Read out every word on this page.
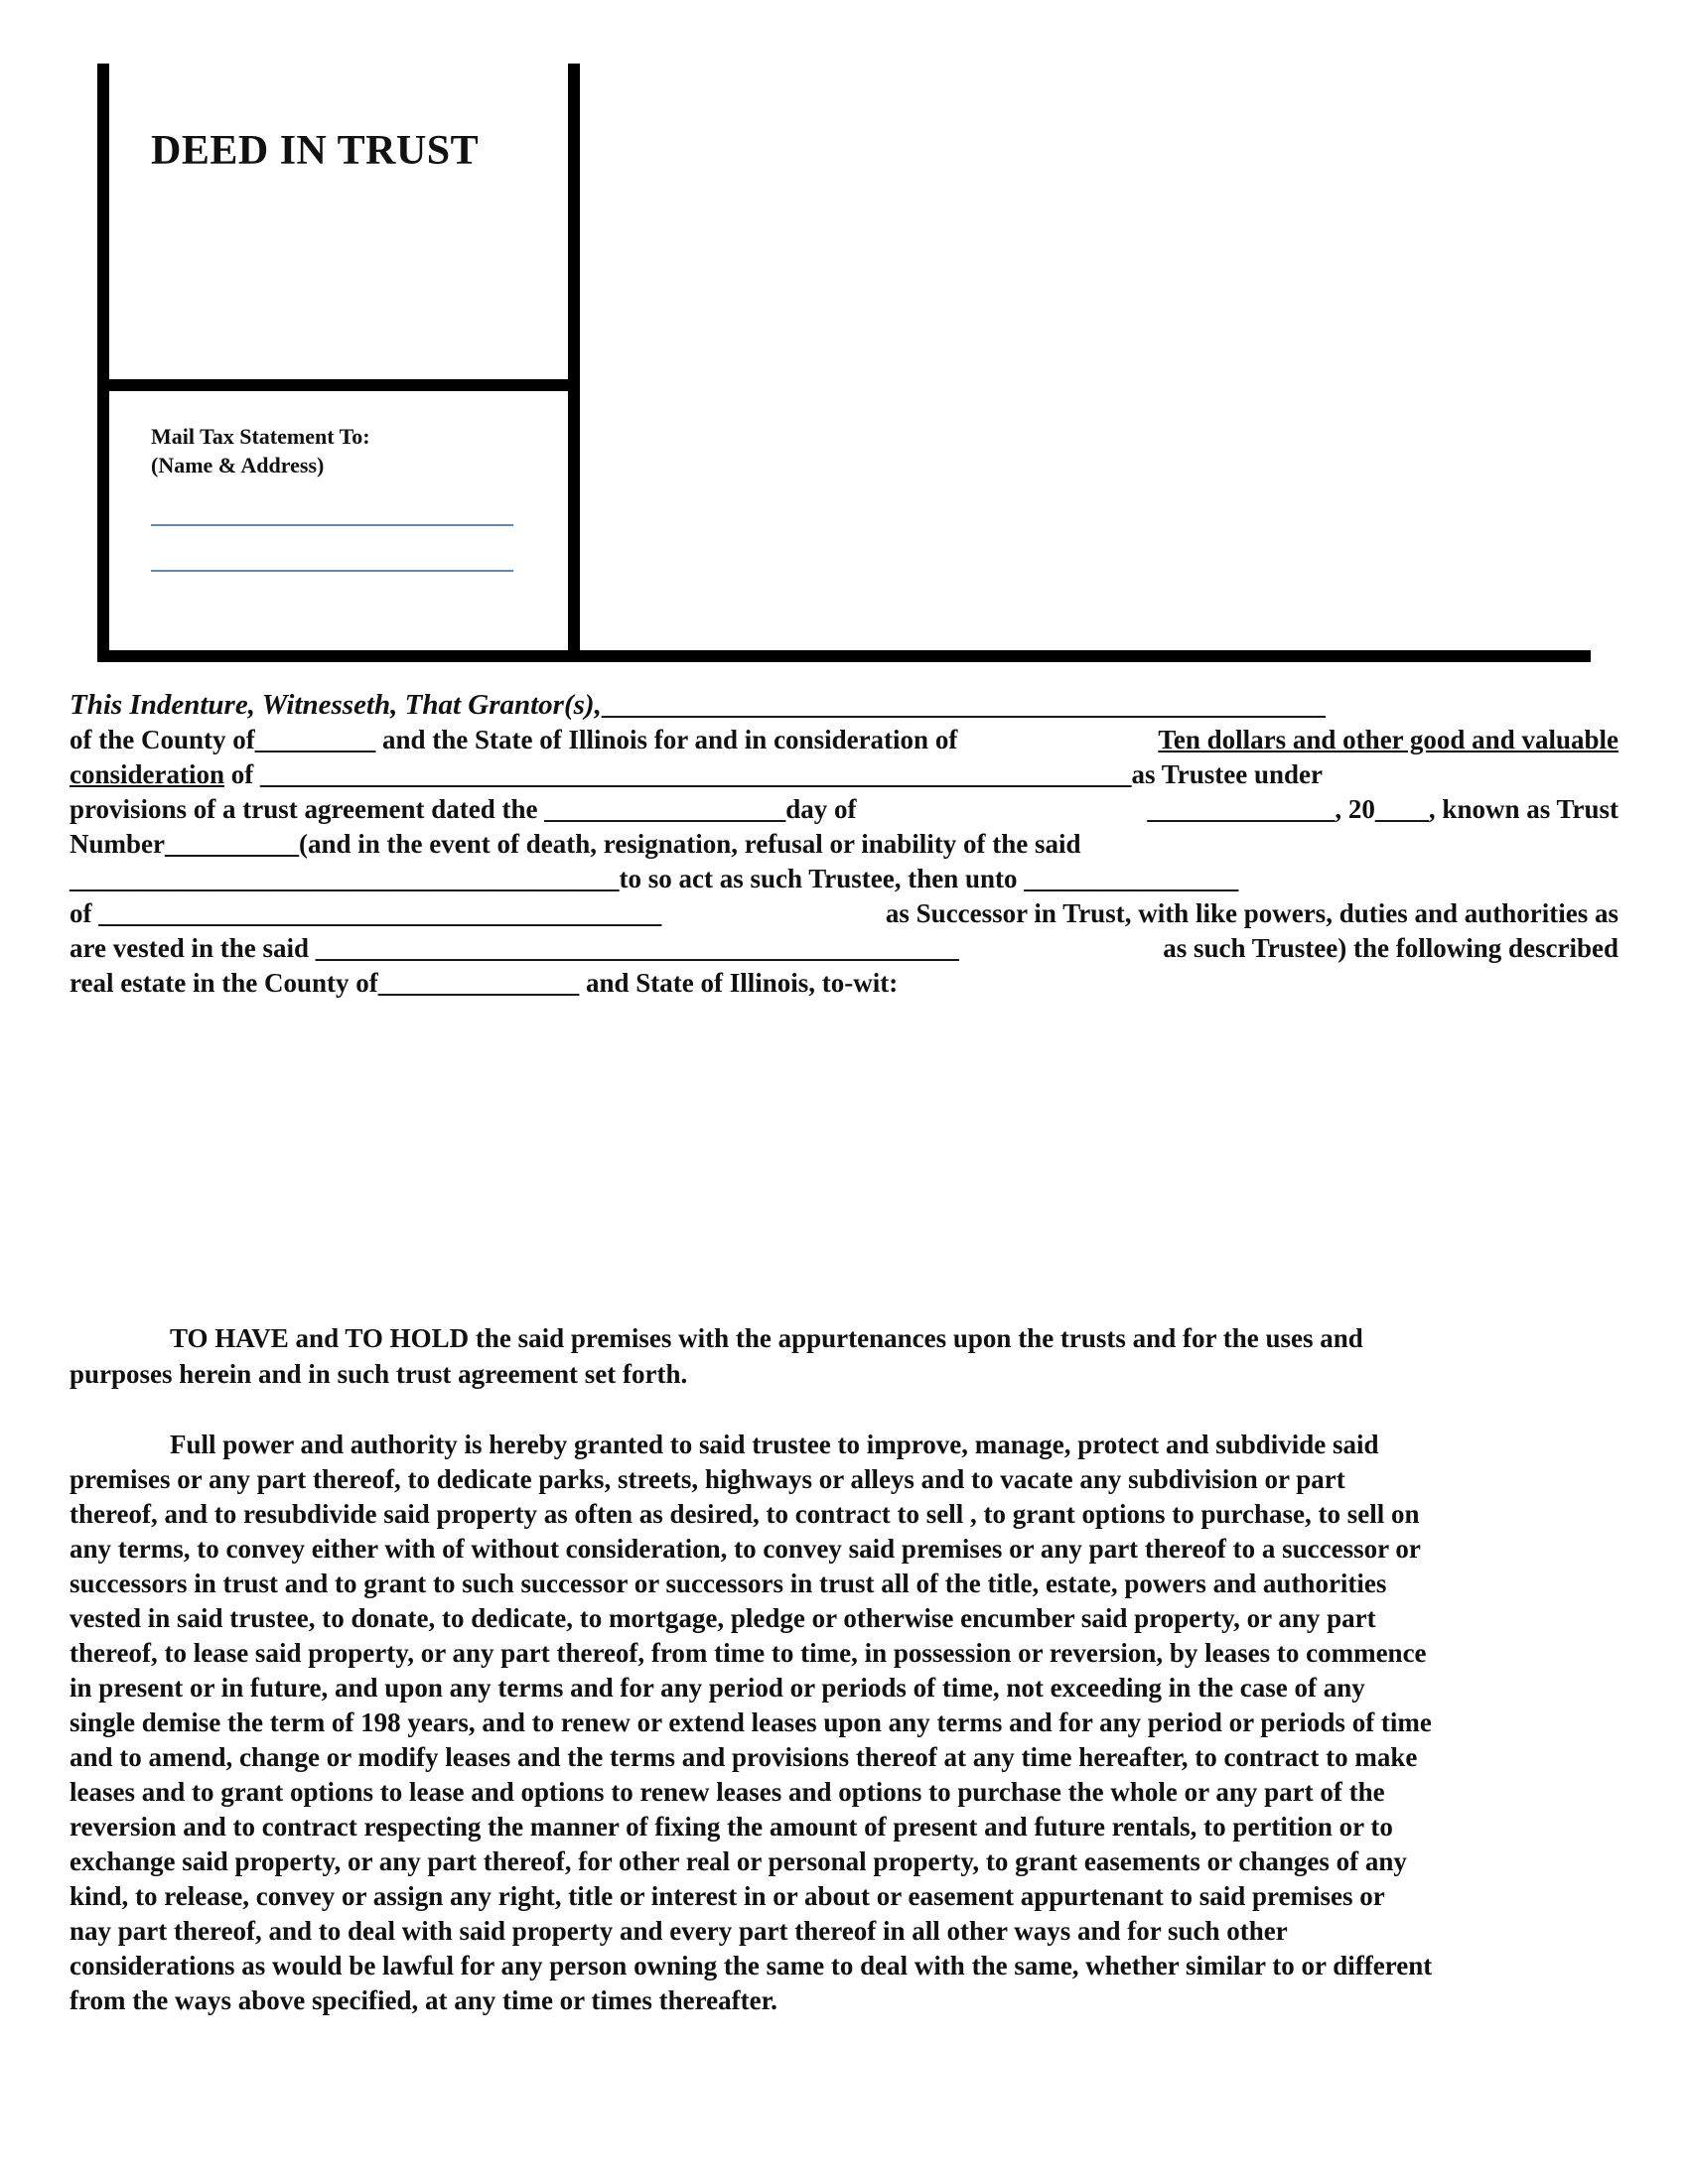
DEED IN TRUST
Mail Tax Statement To:
(Name & Address)
This Indenture, Witnesseth, That Grantor(s),______________________________________________________
of the County of_________ and the State of Illinois for and in consideration of	Ten dollars and other good and valuable
consideration of _________________________________________________________________as Trustee under
provisions of a trust agreement dated the __________________day of	______________, 20____, known as Trust
Number__________(and in the event of death, resignation, refusal or inability of the said
_________________________________________to so act as such Trustee, then unto ________________
of __________________________________________	as Successor in Trust, with like powers, duties and authorities as
are vested in the said ________________________________________________	as such Trustee) the following described
real estate in the County of_______________ and State of Illinois, to-wit:
TO HAVE and TO HOLD the said premises with the appurtenances upon the trusts and for the uses and
purposes herein and in such trust agreement set forth.
Full power and authority is hereby granted to said trustee to improve, manage, protect and subdivide said
premises or any part thereof, to dedicate parks, streets, highways or alleys and to vacate any subdivision or part
thereof, and to resubdivide said property as often as desired, to contract to sell , to grant options to purchase, to sell on
any terms, to convey either with of without consideration, to convey said premises or any part thereof to a successor or
successors in trust and to grant to such successor or successors in trust all of the title, estate, powers and authorities
vested in said trustee, to donate, to dedicate, to mortgage, pledge or otherwise encumber said property, or any part
thereof, to lease said property, or any part thereof, from time to time, in possession or reversion, by leases to commence
in present or in future, and upon any terms and for any period or periods of time, not exceeding in the case of any
single demise the term of 198 years, and to renew or extend leases upon any terms and for any period or periods of time
and to amend, change or modify leases and the terms and provisions thereof at any time hereafter, to contract to make
leases and to grant options to lease and options to renew leases and options to purchase the whole or any part of the
reversion and to contract respecting the manner of fixing the amount of present and future rentals, to pertition or to
exchange said property, or any part thereof, for other real or personal property, to grant easements or changes of any
kind, to release, convey or assign any right, title or interest in or about or easement appurtenant to said premises or
nay part thereof, and to deal with said property and every part thereof in all other ways and for such other
considerations as would be lawful for any person owning the same to deal with the same, whether similar to or different
from the ways above specified, at any time or times thereafter.
